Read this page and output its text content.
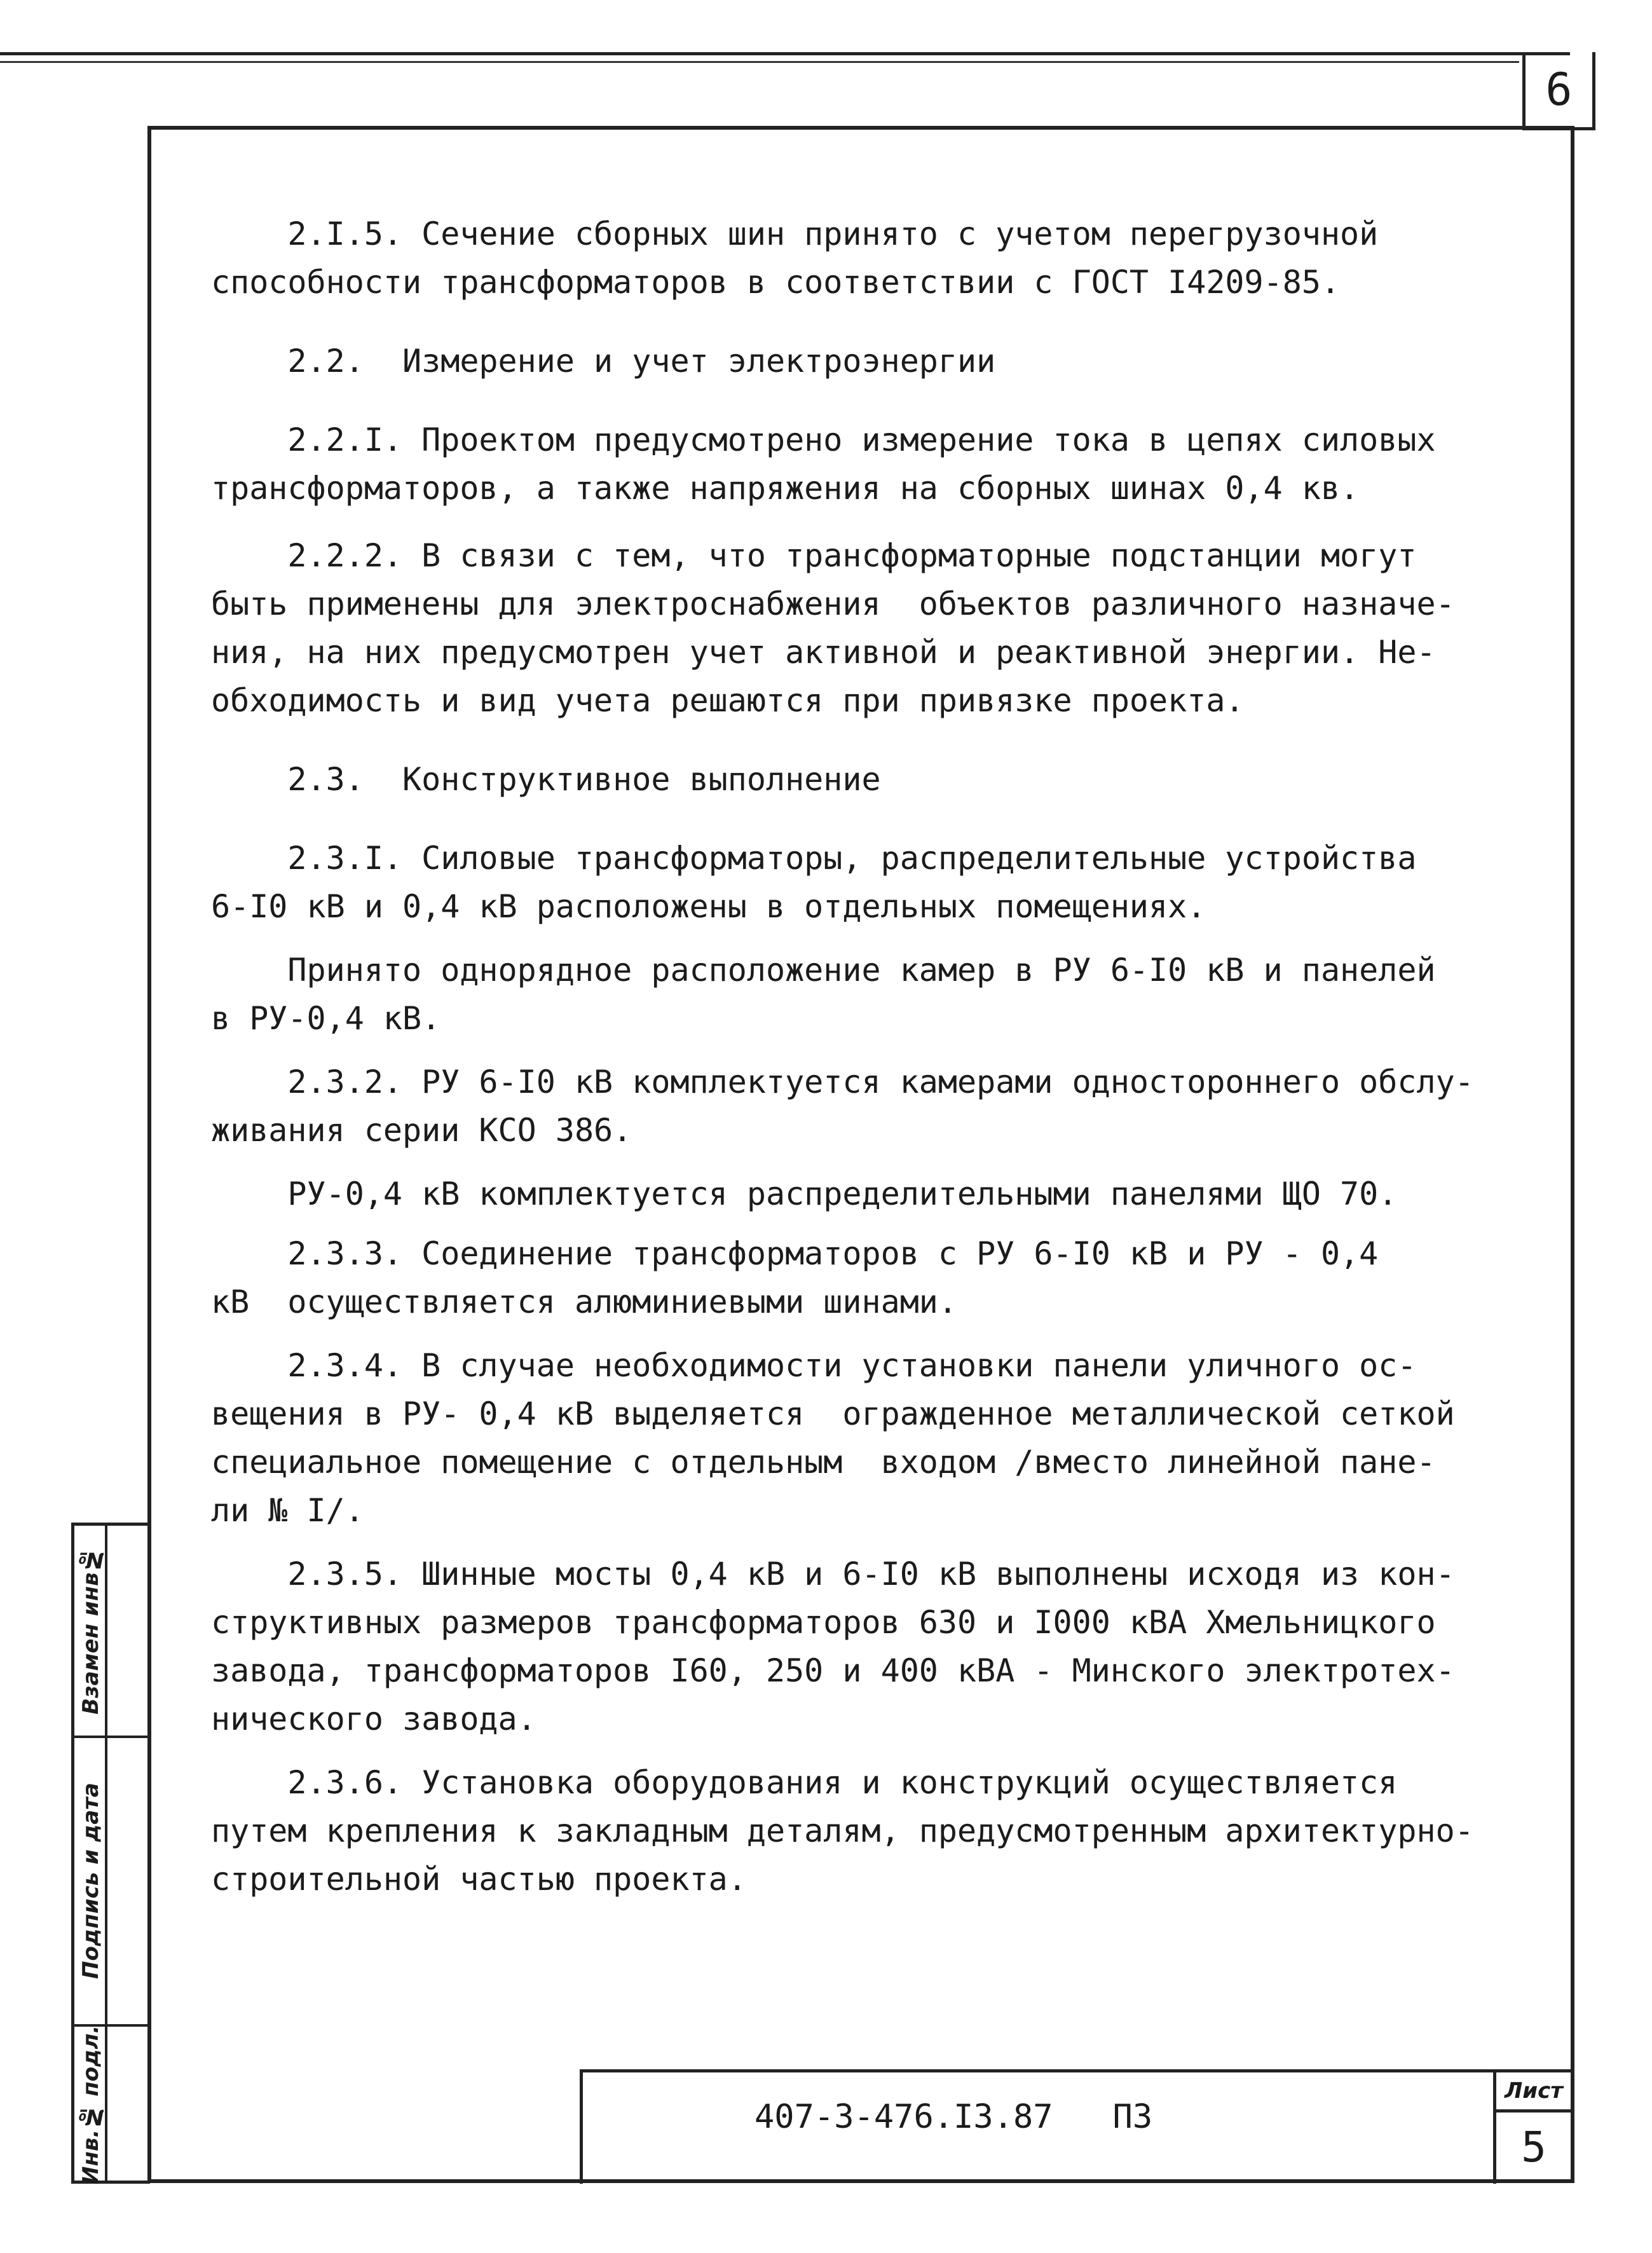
6
Взамен инв№
Подпись и дата
Инв.№ подл.
2.I.5. Сечение сборных шин принято с учетом перегрузочной
способности трансформаторов в соответствии с ГОСТ I4209-85.
2.2.  Измерение и учет электроэнергии
2.2.I. Проектом предусмотрено измерение тока в цепях силовых
трансформаторов, а также напряжения на сборных шинах 0,4 кв.
2.2.2. В связи с тем, что трансформаторные подстанции могут
быть применены для электроснабжения  объектов различного назначе-
ния, на них предусмотрен учет активной и реактивной энергии. Не-
обходимость и вид учета решаются при привязке проекта.
2.3.  Конструктивное выполнение
2.3.I. Силовые трансформаторы, распределительные устройства
6-I0 кВ и 0,4 кВ расположены в отдельных помещениях.
Принято однорядное расположение камер в РУ 6-I0 кВ и панелей
в РУ-0,4 кВ.
2.3.2. РУ 6-I0 кВ комплектуется камерами одностороннего обслу-
живания серии КСО 386.
РУ-0,4 кВ комплектуется распределительными панелями ЩО 70.
2.3.3. Соединение трансформаторов с РУ 6-I0 кВ и РУ - 0,4
кВ  осуществляется алюминиевыми шинами.
2.3.4. В случае необходимости установки панели уличного ос-
вещения в РУ- 0,4 кВ выделяется  огражденное металлической сеткой
специальное помещение с отдельным  входом /вместо линейной пане-
ли № I/.
2.3.5. Шинные мосты 0,4 кВ и 6-I0 кВ выполнены исходя из кон-
структивных размеров трансформаторов 630 и I000 кВА Хмельницкого
завода, трансформаторов I60, 250 и 400 кВА - Минского электротех-
нического завода.
2.3.6. Установка оборудования и конструкций осуществляется
путем крепления к закладным деталям, предусмотренным архитектурно-
строительной частью проекта.
407-3-476.I3.87   ПЗ
Лист
5
